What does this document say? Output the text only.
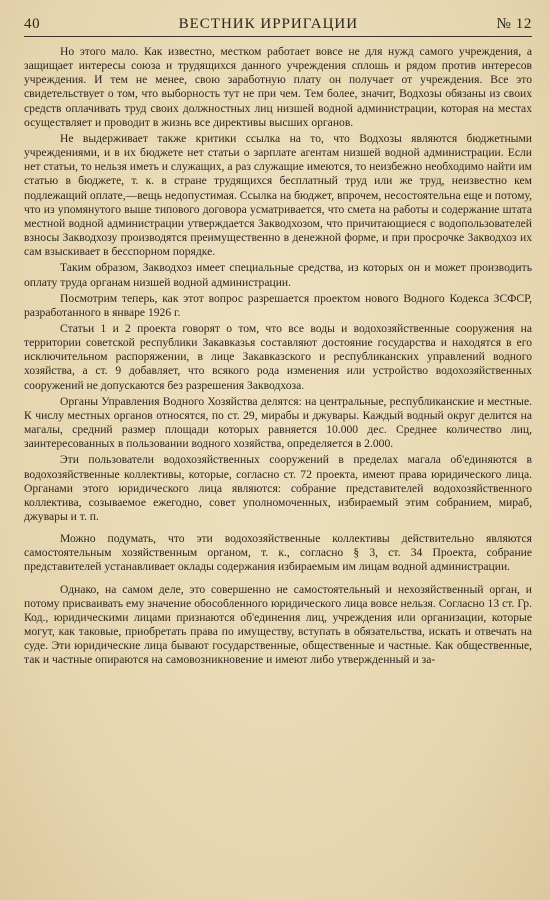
40	ВЕСТНИК ИРРИГАЦИИ	№ 12

Но этого мало. Как известно, местком работает вовсе не для нужд самого учреждения, а защищает интересы союза и трудящихся данного учреждения сплошь и рядом против интересов учреждения. И тем не менее, свою заработную плату он получает от учреждения. Все это свидетельствует о том, что выборность тут не при чем. Тем более, значит, Водхозы обязаны из своих средств оплачивать труд своих должностных лиц низшей водной администрации, которая на местах осуществляет и проводит в жизнь все директивы высших органов.

Не выдерживает также критики ссылка на то, что Водхозы являются бюджетными учреждениями, и в их бюджете нет статьи о зарплате агентам низшей водной администрации. Если нет статьи, то нельзя иметь и служащих, а раз служащие имеются, то неизбежно необходимо найти им статью в бюджете, т. к. в стране трудящихся бесплатный труд или же труд, неизвестно кем подлежащий оплате,—вещь недопустимая. Ссылка на бюджет, впрочем, несостоятельна еще и потому, что из упомянутого выше типового договора усматривается, что смета на работы и содержание штата местной водной администрации утверждается Закводхозом, что причитающиеся с водопользователей взносы Закводхозу производятся преимущественно в денежной форме, и при просрочке Закводхоз их сам взыскивает в бесспорном порядке.

Таким образом, Закводхоз имеет специальные средства, из которых он и может производить оплату труда органам низшей водной администрации.

Посмотрим теперь, как этот вопрос разрешается проектом нового Водного Кодекса ЗСФСР, разработанного в январе 1926 г.

Статьи 1 и 2 проекта говорят о том, что все воды и водохозяйственные сооружения на территории советской республики Закавказья составляют достояние государства и находятся в его исключительном распоряжении, в лице Закавказского и республиканских управлений водного хозяйства, а ст. 9 добавляет, что всякого рода изменения или устройство водохозяйственных сооружений не допускаются без разрешения Закводхоза.

Органы Управления Водного Хозяйства делятся: на центральные, республиканские и местные. К числу местных органов относятся, по ст. 29, мирабы и джувары. Каждый водный округ делится на магалы, средний размер площади которых равняется 10.000 дес. Среднее количество лиц, заинтересованных в пользовании водного хозяйства, определяется в 2.000.

Эти пользователи водохозяйственных сооружений в пределах магала об'единяются в водохозяйственные коллективы, которые, согласно ст. 72 проекта, имеют права юридического лица. Органами этого юридического лица являются: собрание представителей водохозяйственного коллектива, созываемое ежегодно, совет уполномоченных, избираемый этим собранием, мираб, джувары и т. п.

Можно подумать, что эти водохозяйственные коллективы действительно являются самостоятельным хозяйственным органом, т. к., согласно § 3, ст. 34 Проекта, собрание представителей устанавливает оклады содержания избираемым им лицам водной администрации.

Однако, на самом деле, это совершенно не самостоятельный и нехозяйственный орган, и потому присваивать ему значение обособленного юридического лица вовсе нельзя. Согласно 13 ст. Гр. Код., юридическими лицами признаются об'единения лиц, учреждения или организации, которые могут, как таковые, приобретать права по имуществу, вступать в обязательства, искать и отвечать на суде. Эти юридические лица бывают государственные, общественные и частные. Как общественные, так и частные опираются на самовозникновение и имеют либо утвержденный и за-
